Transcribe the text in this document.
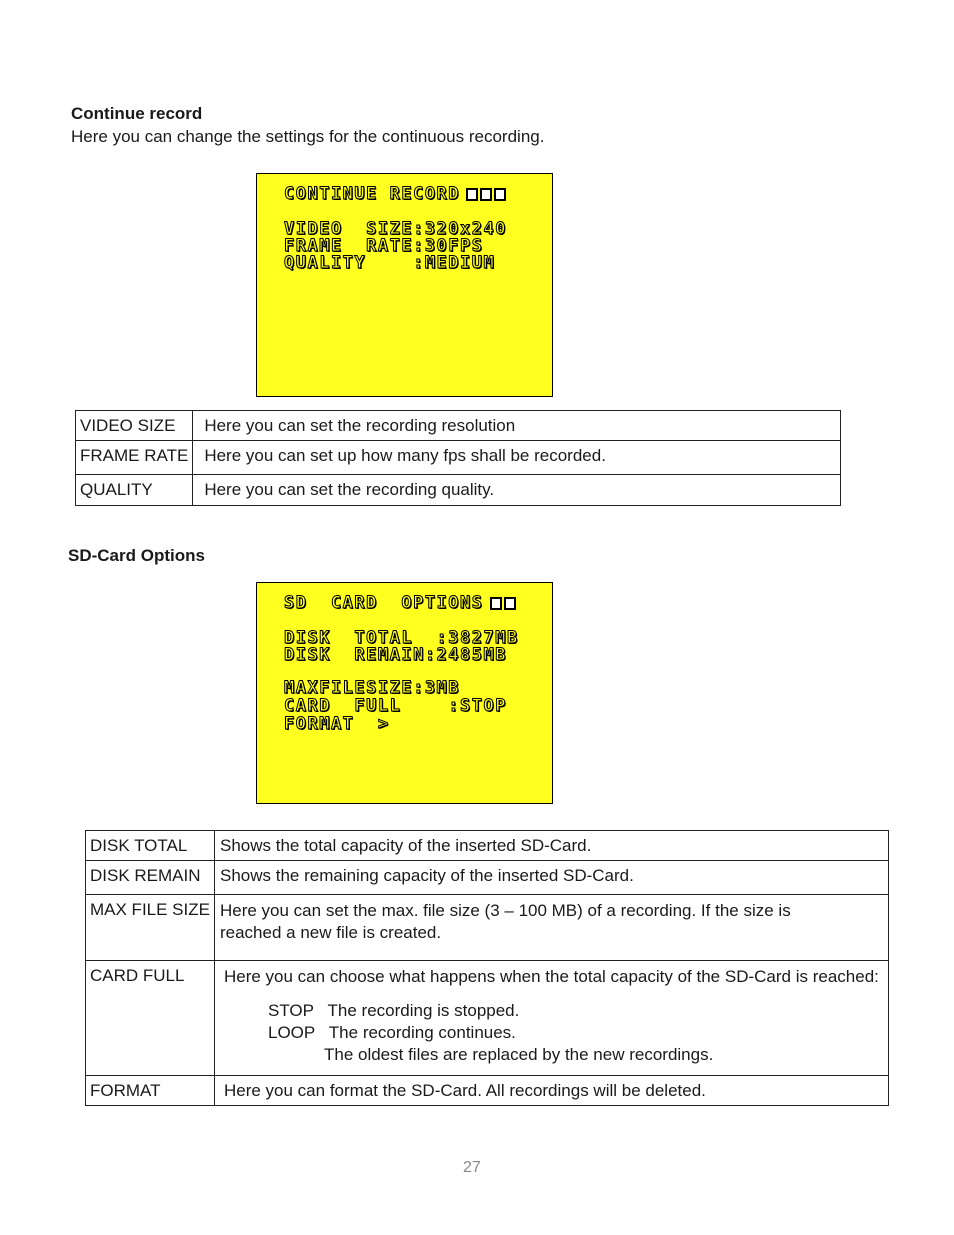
Continue record
Here you can change the settings for the continuous recording.
CONTINUE RECORD
VIDEO  SIZE:320x240
FRAME  RATE:30FPS
QUALITY    :MEDIUM
VIDEO SIZE	Here you can set the recording resolution
FRAME RATE	Here you can set up how many fps shall be recorded.
QUALITY	Here you can set the recording quality.
SD-Card Options
SD  CARD  OPTIONS
DISK  TOTAL  :3827MB
DISK  REMAIN:2485MB
MAXFILESIZE:3MB
CARD  FULL    :STOP
FORMAT  >
DISK TOTAL	Shows the total capacity of the inserted SD-Card.
DISK REMAIN	Shows the remaining capacity of the inserted SD-Card.
MAX FILE SIZE	Here you can set the max. file size (3 – 100 MB) of a recording. If the size is
reached a new file is created.

CARD FULL	Here you can choose what happens when the total capacity of the SD-Card is reached:
STOP The recording is stopped.
LOOP The recording continues.
The oldest files are replaced by the new recordings.

FORMAT	Here you can format the SD-Card. All recordings will be deleted.
27
